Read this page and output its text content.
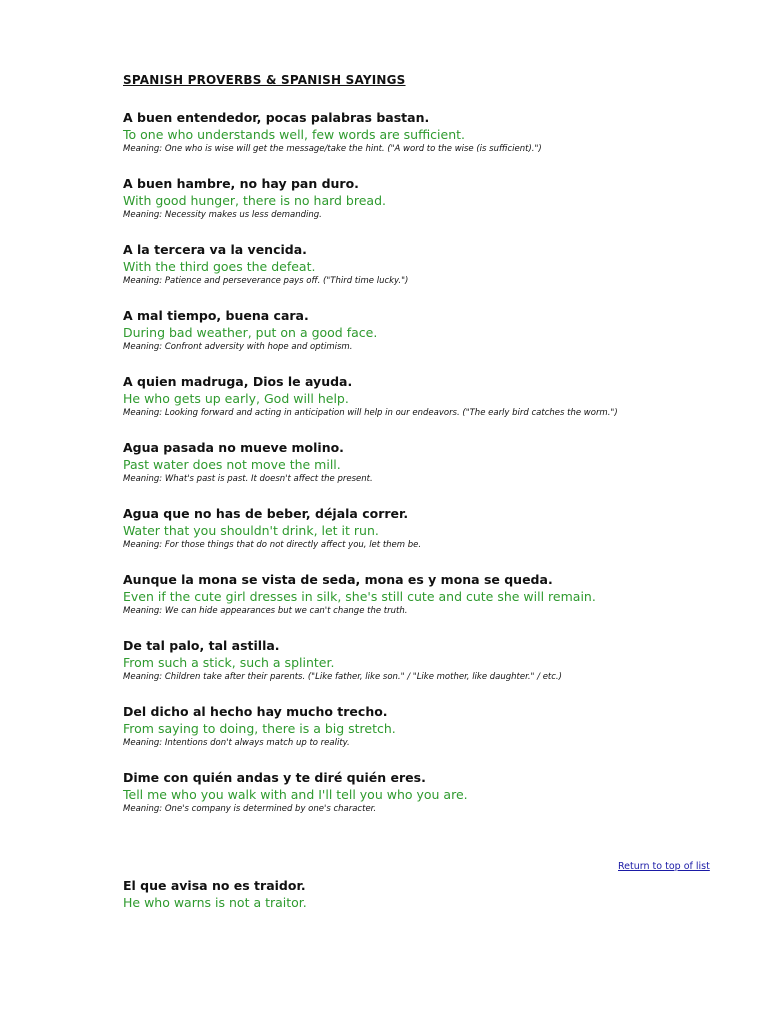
SPANISH PROVERBS & SPANISH SAYINGS
A buen entendedor, pocas palabras bastan.
To one who understands well, few words are sufficient.
Meaning: One who is wise will get the message/take the hint. ("A word to the wise (is sufficient).")
A buen hambre, no hay pan duro.
With good hunger, there is no hard bread.
Meaning: Necessity makes us less demanding.
A la tercera va la vencida.
With the third goes the defeat.
Meaning: Patience and perseverance pays off. ("Third time lucky.")
A mal tiempo, buena cara.
During bad weather, put on a good face.
Meaning: Confront adversity with hope and optimism.
A quien madruga, Dios le ayuda.
He who gets up early, God will help.
Meaning: Looking forward and acting in anticipation will help in our endeavors. ("The early bird catches the worm.")
Agua pasada no mueve molino.
Past water does not move the mill.
Meaning: What's past is past. It doesn't affect the present.
Agua que no has de beber, déjala correr.
Water that you shouldn't drink, let it run.
Meaning: For those things that do not directly affect you, let them be.
Aunque la mona se vista de seda, mona es y mona se queda.
Even if the cute girl dresses in silk, she's still cute and cute she will remain.
Meaning: We can hide appearances but we can't change the truth.
De tal palo, tal astilla.
From such a stick, such a splinter.
Meaning: Children take after their parents. ("Like father, like son." / "Like mother, like daughter." / etc.)
Del dicho al hecho hay mucho trecho.
From saying to doing, there is a big stretch.
Meaning: Intentions don't always match up to reality.
Dime con quién andas y te diré quién eres.
Tell me who you walk with and I'll tell you who you are.
Meaning: One's company is determined by one's character.
Return to top of list
El que avisa no es traidor.
He who warns is not a traitor.
